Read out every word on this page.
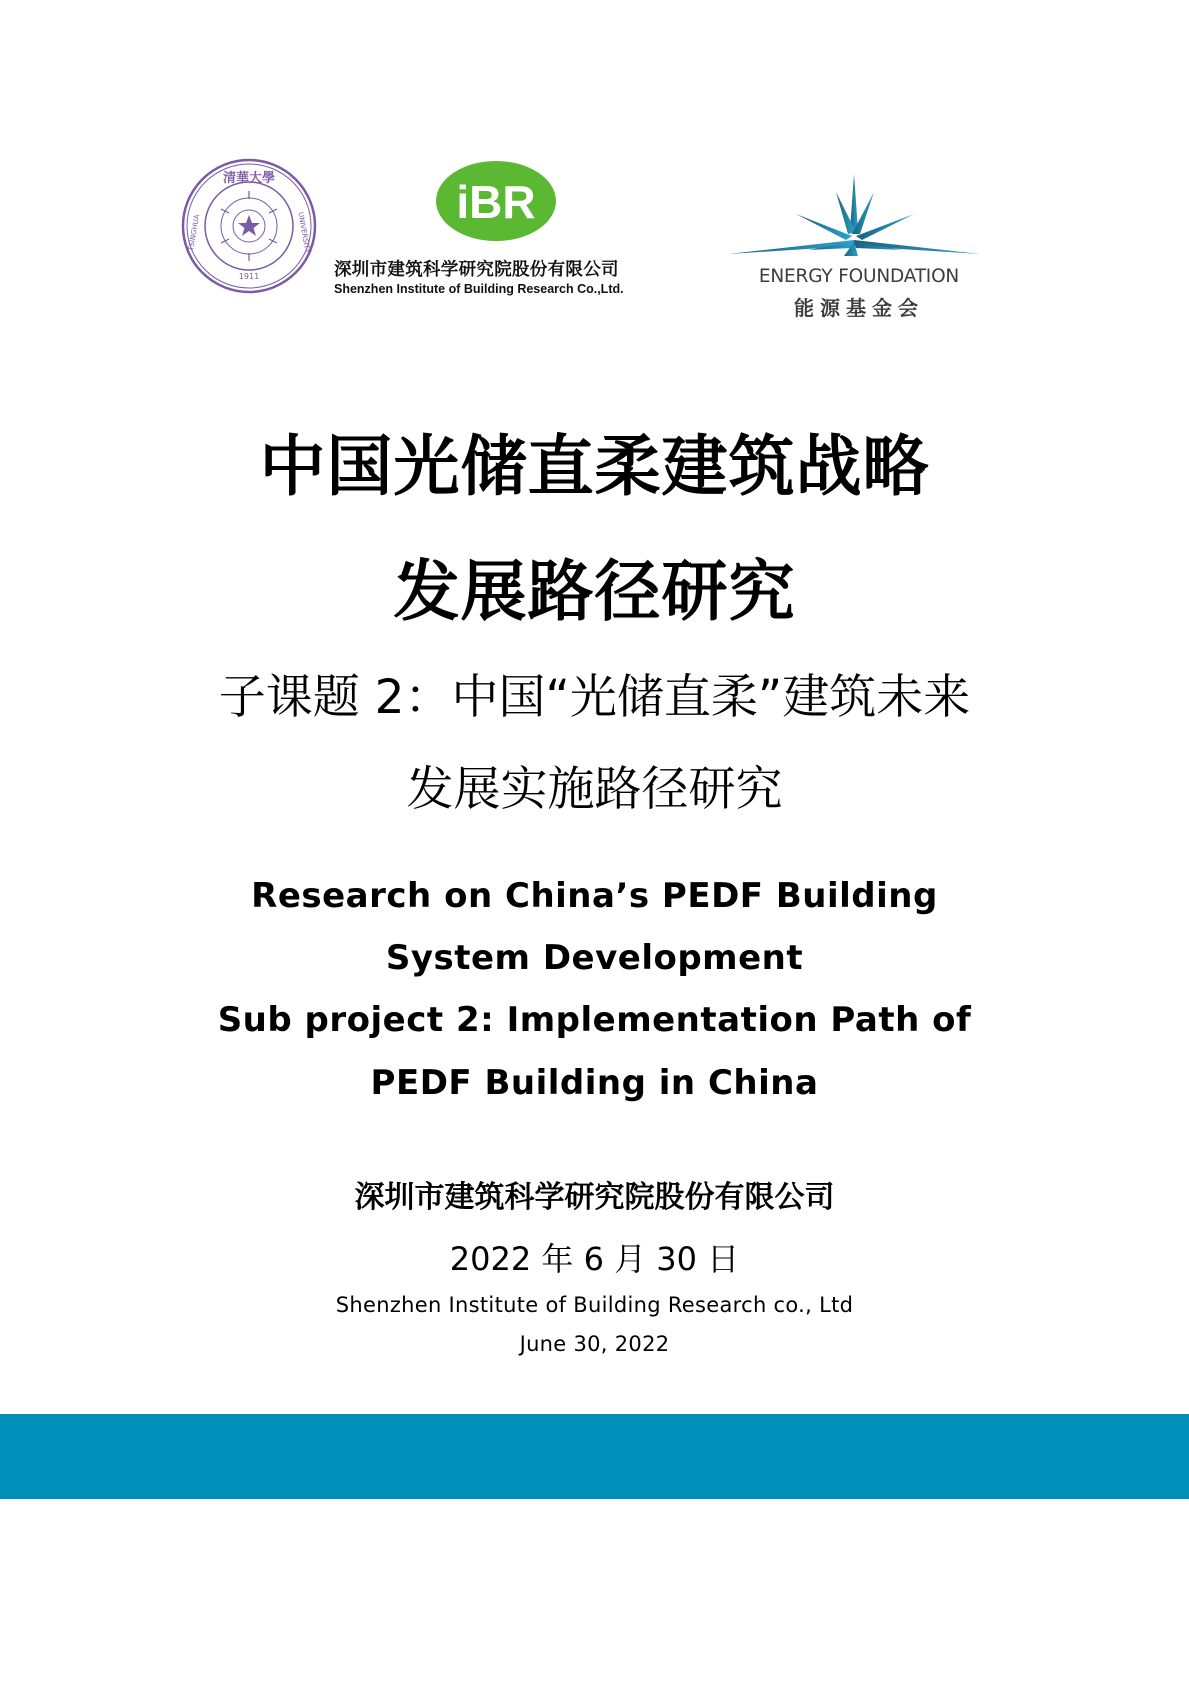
清華大學
TSINGHUA	UNIVERSITY
1911
iBR
深圳市建筑科学研究院股份有限公司
Shenzhen Institute of Building Research Co.,Ltd.
ENERGY FOUNDATION
能源基金会
中国光储直柔建筑战略
发展路径研究
子课题 2：中国“光储直柔”建筑未来
发展实施路径研究
Research on China’s PEDF Building
System Development
Sub project 2: Implementation Path of
PEDF Building in China
深圳市建筑科学研究院股份有限公司
2022 年 6 月 30 日
Shenzhen Institute of Building Research co., Ltd
June 30, 2022
